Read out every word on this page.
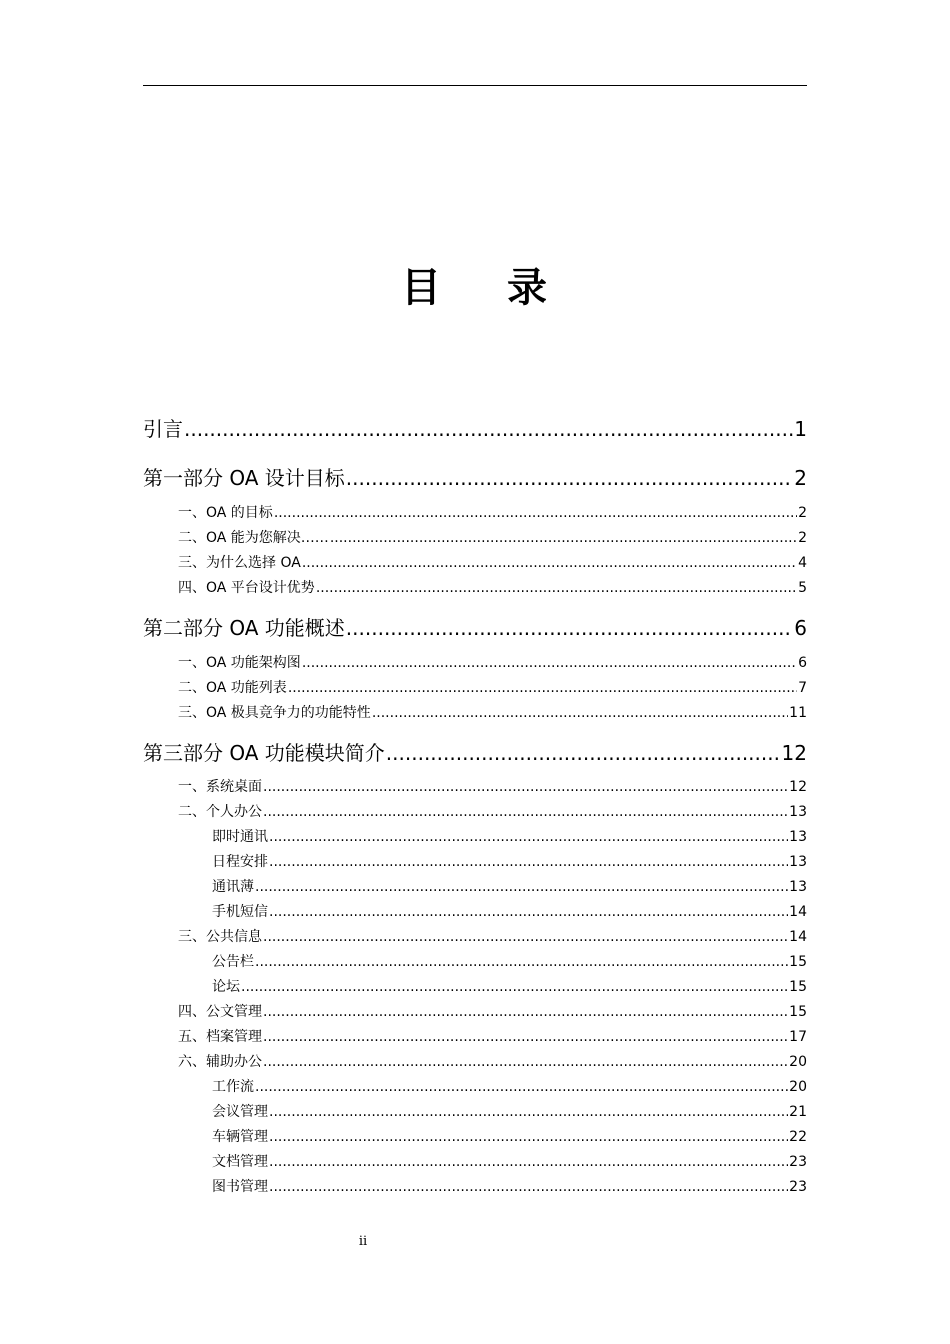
目 录
引言 .....	1
第一部分 OA 设计目标 .....	2
一、OA 的目标 .....	2
二、OA 能为您解决…… .....	2
三、为什么选择 OA .....	4
四、OA 平台设计优势 .....	5
第二部分 OA 功能概述 .....	6
一、OA 功能架构图 .....	6
二、OA 功能列表 .....	7
三、OA 极具竞争力的功能特性 .....	11
第三部分 OA 功能模块简介 .....	12
一、系统桌面 .....	12
二、个人办公 .....	13
即时通讯 .....	13
日程安排 .....	13
通讯薄 .....	13
手机短信 .....	14
三、公共信息 .....	14
公告栏 .....	15
论坛 .....	15
四、公文管理 .....	15
五、档案管理 .....	17
六、辅助办公 .....	20
工作流 .....	20
会议管理 .....	21
车辆管理 .....	22
文档管理 .....	23
图书管理 .....	23
ii
